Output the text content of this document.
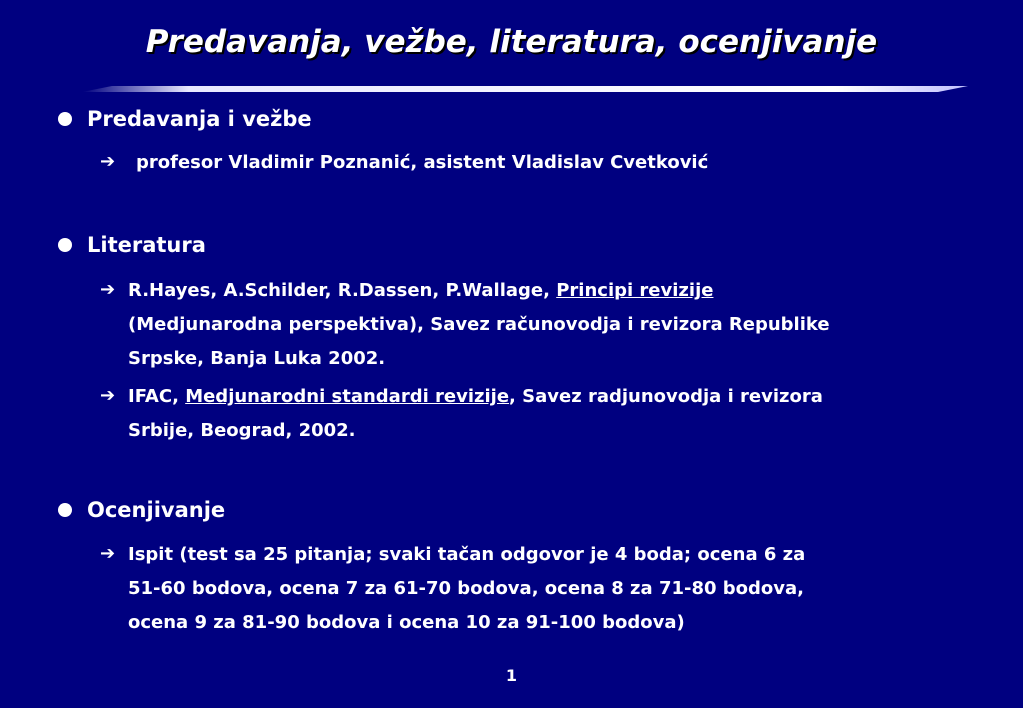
Predavanja, vežbe, literatura, ocenjivanje
Predavanja i vežbe
➔ profesor Vladimir Poznanić, asistent Vladislav Cvetković
Literatura
➔ R.Hayes, A.Schilder, R.Dassen, P.Wallage, Principi revizije
(Medjunarodna perspektiva), Savez računovodja i revizora Republike
Srpske, Banja Luka 2002.
➔ IFAC, Medjunarodni standardi revizije, Savez radjunovodja i revizora
Srbije, Beograd, 2002.
Ocenjivanje
➔ Ispit (test sa 25 pitanja; svaki tačan odgovor je 4 boda; ocena 6 za
51-60 bodova, ocena 7 za 61-70 bodova, ocena 8 za 71-80 bodova,
ocena 9 za 81-90 bodova i ocena 10 za 91-100 bodova)
1
